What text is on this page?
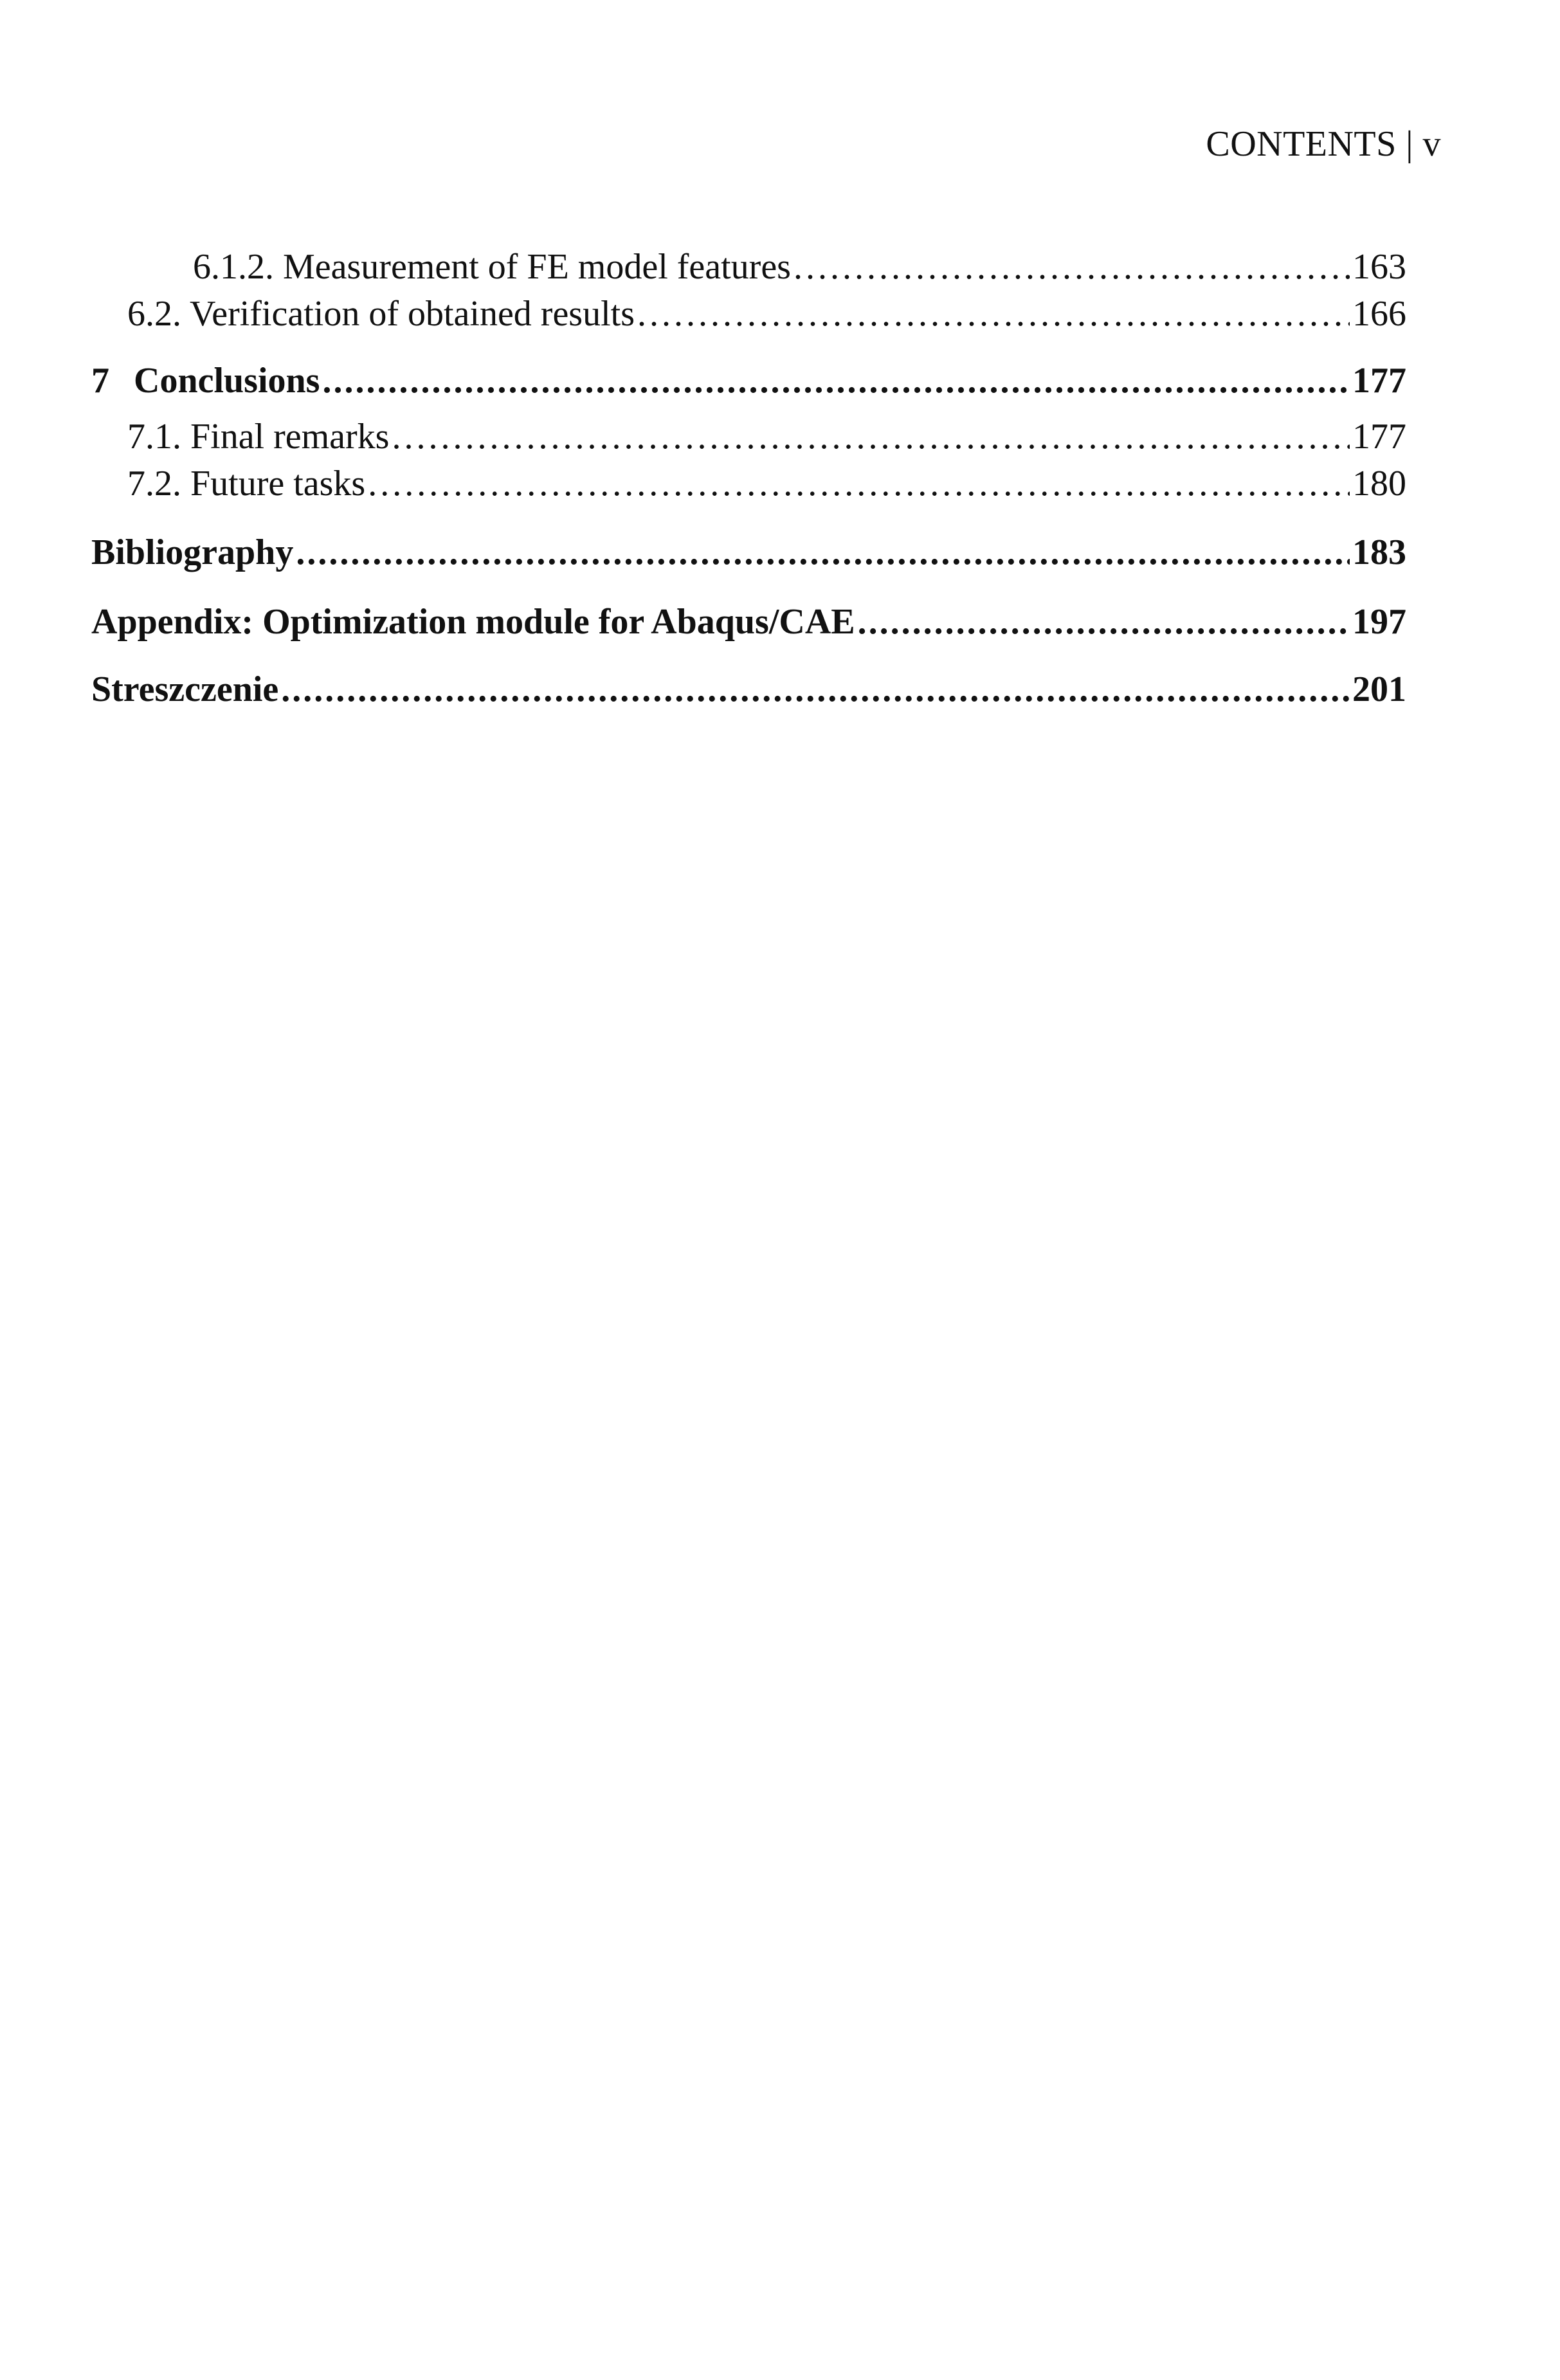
CONTENTS | v
6.1.2. Measurement of FE model features .....	163
6.2. Verification of obtained results .....	166
7 Conclusions .....	177
7.1. Final remarks .....	177
7.2. Future tasks .....	180
Bibliography .....	183
Appendix: Optimization module for Abaqus/CAE .....	197
Streszczenie .....	201
